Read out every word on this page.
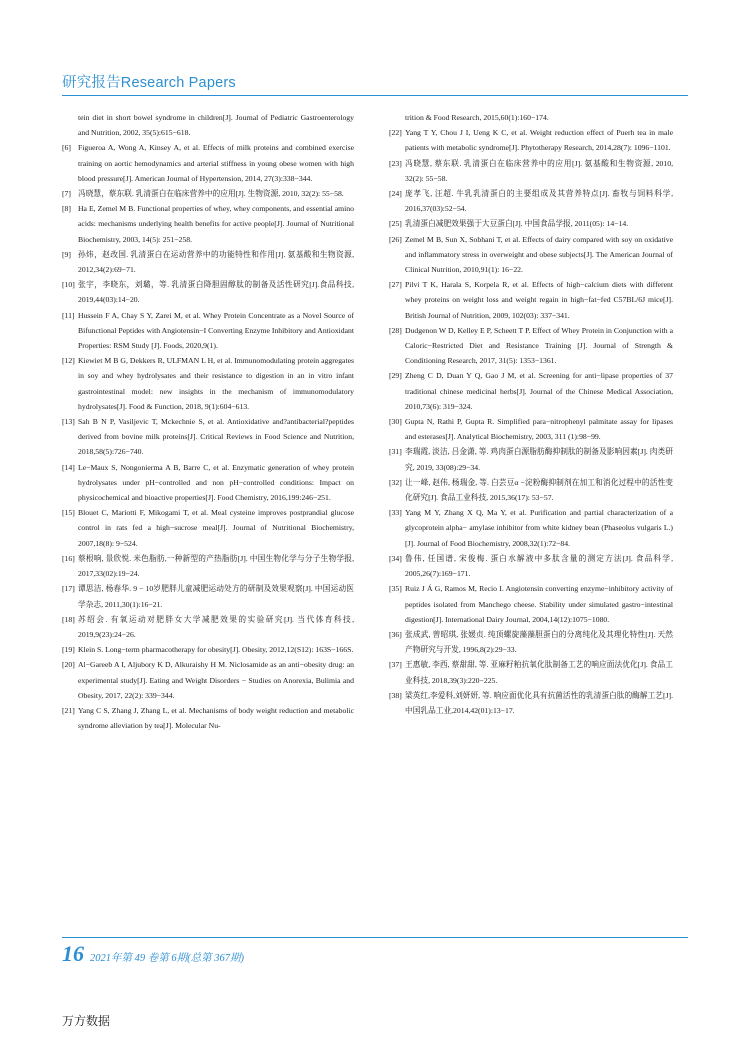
研究报告Research Papers
tein diet in short bowel syndrome in children[J]. Journal of Pediatric Gastroenterology and Nutrition, 2002, 35(5):615−618.
[6] Figueroa A, Wong A, Kinsey A, et al. Effects of milk proteins and combined exercise training on aortic hemodynamics and arterial stiffness in young obese women with high blood pressure[J]. American Journal of Hypertension, 2014, 27(3):338−344.
[7] 冯晓慧，蔡东联. 乳清蛋白在临床营养中的应用[J]. 生物资源, 2010, 32(2): 55−58.
[8] Ha E, Zemel M B. Functional properties of whey, whey components, and essential amino acids: mechanisms underlying health benefits for active people[J]. Journal of Nutritional Biochemistry, 2003, 14(5): 251−258.
[9] 孙炜，赵改国. 乳清蛋白在运动营养中的功能特性和作用[J]. 氨基酸和生物资源, 2012,34(2):69−71.
[10] 张宇，李晓东，刘璐，等. 乳清蛋白降胆固醇肽的制备及活性研究[J].食品科技, 2019,44(03):14−20.
[11] Hussein F A, Chay S Y, Zarei M, et al. Whey Protein Concentrate as a Novel Source of Bifunctional Peptides with Angiotensin−I Converting Enzyme Inhibitory and Antioxidant Properties: RSM Study [J]. Foods, 2020,9(1).
[12] Kiewiet M B G, Dekkers R, ULFMAN L H, et al. Immunomodulating protein aggregates in soy and whey hydrolysates and their resistance to digestion in an in vitro infant gastrointestinal model: new insights in the mechanism of immunomodulatory hydrolysates[J]. Food & Function, 2018, 9(1):604−613.
[13] Sah B N P, Vasiljevic T, Mckechnie S, et al. Antioxidative and?antibacterial?peptides derived from bovine milk proteins[J]. Critical Reviews in Food Science and Nutrition, 2018,58(5):726−740.
[14] Le−Maux S, Nongonierma A B, Barre C, et al. Enzymatic generation of whey protein hydrolysates under pH−controlled and non pH−controlled conditions: Impact on physicochemical and bioactive properties[J]. Food Chemistry, 2016,199:246−251.
[15] Blouet C, Mariotti F, Mikogami T, et al. Meal cysteine improves postprandial glucose control in rats fed a high−sucrose meal[J]. Journal of Nutritional Biochemistry, 2007,18(8): 9−524.
[16] 蔡根响, 景欣悦. 米色脂肪,一种新型的产热脂肪[J]. 中国生物化学与分子生物学报, 2017,33(02):19−24.
[17] 谭思洁, 杨春华. 9 − 10岁肥胖儿童减肥运动处方的研制及效果观察[J]. 中国运动医学杂志, 2011,30(1):16−21.
[18] 苏绍会. 有氧运动对肥胖女大学减肥效果的实验研究[J]. 当代体育科技, 2019,9(23):24−26.
[19] Klein S. Long−term pharmacotherapy for obesity[J]. Obesity, 2012,12(S12): 163S−166S.
[20] Al−Gareeb A I, Aljubory K D, Alkuraishy H M. Niclosamide as an anti−obesity drug: an experimental study[J]. Eating and Weight Disorders − Studies on Anorexia, Bulimia and Obesity, 2017, 22(2): 339−344.
[21] Yang C S, Zhang J, Zhang L, et al. Mechanisms of body weight reduction and metabolic syndrome alleviation by tea[J]. Molecular Nu-
trition & Food Research, 2015,60(1):160−174.
[22] Yang T Y, Chou J I, Ueng K C, et al. Weight reduction effect of Puerh tea in male patients with metabolic syndrome[J]. Phytotherapy Research, 2014,28(7): 1096−1101.
[23] 冯晓慧, 蔡东联. 乳清蛋白在临床营养中的应用[J]. 氨基酸和生物资源, 2010, 32(2): 55−58.
[24] 庞孝飞, 汪超. 牛乳乳清蛋白的主要组成及其营养特点[J]. 畜牧与饲料科学, 2016,37(03):52−54.
[25] 乳清蛋白减肥效果强于大豆蛋白[J]. 中国食品学报, 2011(05): 14−14.
[26] Zemel M B, Sun X, Sobhani T, et al. Effects of dairy compared with soy on oxidative and inflammatory stress in overweight and obese subjects[J]. The American Journal of Clinical Nutrition, 2010,91(1): 16−22.
[27] Pilvi T K, Harala S, Korpela R, et al. Effects of high−calcium diets with different whey proteins on weight loss and weight regain in high−fat−fed C57BL/6J mice[J]. British Journal of Nutrition, 2009, 102(03): 337−341.
[28] Dudgenon W D, Kelley E P, Scheett T P. Effect of Whey Protein in Conjunction with a Caloric−Restricted Diet and Resistance Training [J]. Journal of Strength & Conditioning Research, 2017, 31(5): 1353−1361.
[29] Zheng C D, Duan Y Q, Gao J M, et al. Screening for anti−lipase properties of 37 traditional chinese medicinal herbs[J]. Journal of the Chinese Medical Association, 2010,73(6): 319−324.
[30] Gupta N, Rathi P, Gupta R. Simplified para−nitrophenyl palmitate assay for lipases and esterases[J]. Analytical Biochemistry, 2003, 311 (1):98−99.
[31] 李瑞霞, 淡洁, 吕金潇, 等. 鸡肉蛋白源脂肪酶抑制肽的制备及影响因素[J]. 肉类研究, 2019, 33(08):29−34.
[32] 让一峰, 赵伟, 杨瑞金, 等. 白芸豆α −淀粉酶抑制剂在加工和消化过程中的活性变化研究[J]. 食品工业科技, 2015,36(17): 53−57.
[33] Yang M Y, Zhang X Q, Ma Y, et al. Purification and partial characterization of a glycoprotein alpha− amylase inhibitor from white kidney bean (Phaseolus vulgaris L.) [J]. Journal of Food Biochemistry, 2008,32(1):72−84.
[34] 鲁伟, 任国谱, 宋俊梅. 蛋白水解液中多肽含量的测定方法[J]. 食品科学, 2005,26(7):169−171.
[35] Ruiz J Á G, Ramos M, Recio I. Angiotensin converting enzyme−inhibitory activity of peptides isolated from Manchego cheese. Stability under simulated gastro−intestinal digestion[J]. International Dairy Journal, 2004,14(12):1075−1080.
[36] 张成武, 曾昭琪, 张媛贞. 纯顶螺旋藻藻胆蛋白的分离纯化及其理化特性[J]. 天然产物研究与开发, 1996,8(2):29−33.
[37] 王惠敏, 李西, 蔡甜甜, 等. 亚麻籽粕抗氧化肽制备工艺的响应面法优化[J]. 食品工业科技, 2018,39(3):220−225.
[38] 梁英红,李爱科,刘妍妍, 等. 响应面优化具有抗菌活性的乳清蛋白肽的酶解工艺[J].中国乳品工业,2014,42(01):13−17.
16 2021年第 49 卷第 6期(总第 367期)
万方数据
